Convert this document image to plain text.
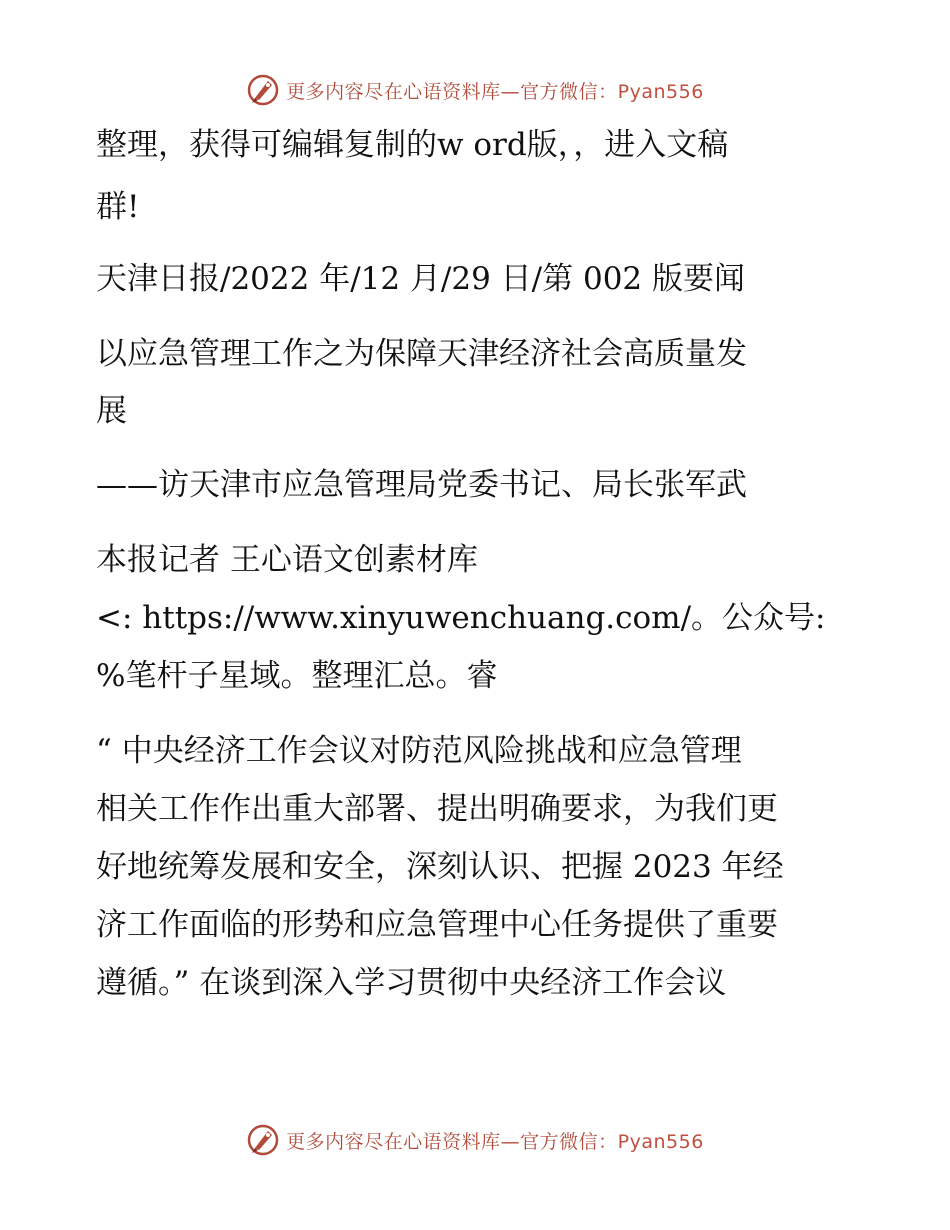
更多内容尽在心语资料库—官方微信：Pyan556
整理，获得可编辑复制的w ord版，，进入文稿
群!
天津日报/2022 年/12 月/29 日/第 002 版要闻
以应急管理工作之为保障天津经济社会高质量发
展
——访天津市应急管理局党委书记、局长张军武
本报记者 王心语文创素材库
<: https://www.xinyuwenchuang.com/。公众号:
%笔杆子星域。整理汇总。睿
“ 中央经济工作会议对防范风险挑战和应急管理
相关工作作出重大部署、提出明确要求，为我们更
好地统筹发展和安全，深刻认识、把握 2023 年经
济工作面临的形势和应急管理中心任务提供了重要
遵循。” 在谈到深入学习贯彻中央经济工作会议
更多内容尽在心语资料库—官方微信：Pyan556
